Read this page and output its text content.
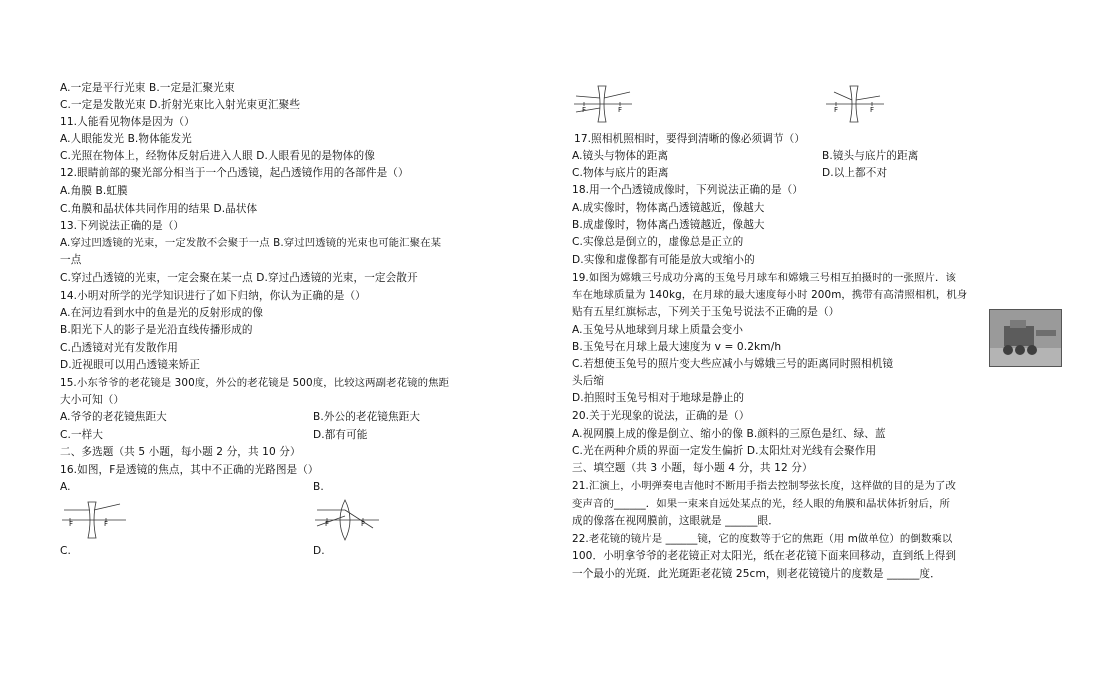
A.一定是平行光束 B.一定是汇聚光束
C.一定是发散光束 D.折射光束比入射光束更汇聚些
11.人能看见物体是因为（）
A.人眼能发光 B.物体能发光
C.光照在物体上，经物体反射后进入人眼 D.人眼看见的是物体的像
12.眼睛前部的聚光部分相当于一个凸透镜，起凸透镜作用的各部件是（）
A.角膜 B.虹膜
C.角膜和晶状体共同作用的结果 D.晶状体
13.下列说法正确的是（）
A.穿过凹透镜的光束，一定发散不会聚于一点 B.穿过凹透镜的光束也可能汇聚在某
一点
C.穿过凸透镜的光束，一定会聚在某一点 D.穿过凸透镜的光束，一定会散开
14.小明对所学的光学知识进行了如下归纳，你认为正确的是（）
A.在河边看到水中的鱼是光的反射形成的像
B.阳光下人的影子是光沿直线传播形成的
C.凸透镜对光有发散作用
D.近视眼可以用凸透镜来矫正
15.小东爷爷的老花镜是 300度，外公的老花镜是 500度，比较这两副老花镜的焦距
大小可知（）
A.爷爷的老花镜焦距大	B.外公的老花镜焦距大
C.一样大	D.都有可能
二、多选题（共 5 小题，每小题 2 分，共 10 分）
16.如图，F是透镜的焦点，其中不正确的光路图是（）
A.	B.
C.	D.
F	F	F	F
F	F	F	F
17.照相机照相时，要得到清晰的像必须调节（）
A.镜头与物体的距离	B.镜头与底片的距离
C.物体与底片的距离	D.以上都不对
18.用一个凸透镜成像时，下列说法正确的是（）
A.成实像时，物体离凸透镜越近，像越大
B.成虚像时，物体离凸透镜越近，像越大
C.实像总是倒立的，虚像总是正立的
D.实像和虚像都有可能是放大或缩小的
19.如图为嫦娥三号成功分离的玉兔号月球车和嫦娥三号相互拍摄时的一张照片．该
车在地球质量为 140kg，在月球的最大速度每小时 200m，携带有高清照相机，机身
贴有五星红旗标志，下列关于玉兔号说法不正确的是（）
A.玉兔号从地球到月球上质量会变小
B.玉兔号在月球上最大速度为 v = 0.2km/h
C.若想使玉兔号的照片变大些应减小与嫦娥三号的距离同时照相机镜
头后缩
D.拍照时玉兔号相对于地球是静止的
20.关于光现象的说法，正确的是（）
A.视网膜上成的像是倒立、缩小的像 B.颜料的三原色是红、绿、蓝
C.光在两种介质的界面一定发生偏折 D.太阳灶对光线有会聚作用
三、填空题（共 3 小题，每小题 4 分，共 12 分）
21.汇演上，小明弹奏电吉他时不断用手指去控制琴弦长度，这样做的目的是为了改
变声音的______．如果一束来自远处某点的光，经人眼的角膜和晶状体折射后，所
成的像落在视网膜前，这眼就是 ______眼．
22.老花镜的镜片是 ______镜，它的度数等于它的焦距（用 m做单位）的倒数乘以
100．小明拿爷爷的老花镜正对太阳光，纸在老花镜下面来回移动，直到纸上得到
一个最小的光斑．此光斑距老花镜 25cm，则老花镜镜片的度数是 ______度．
